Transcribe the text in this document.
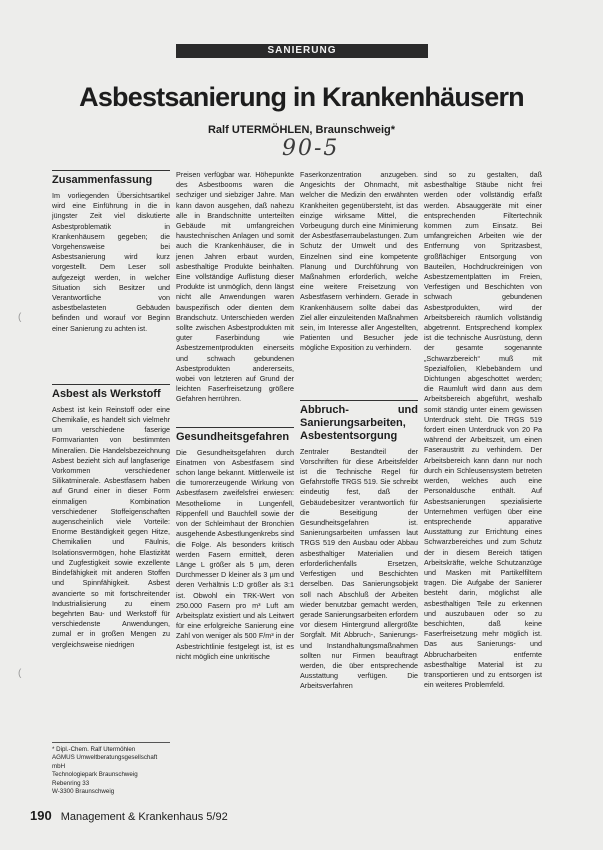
SANIERUNG
Asbestsanierung in Krankenhäusern
Ralf UTERMÖHLEN, Braunschweig*
90-5
Zusammenfassung

Im vorliegenden Übersichtsartikel wird eine Einführung in die in jüngster Zeit viel diskutierte Asbestproblematik in Krankenhäusern gegeben; die Vorgehensweise bei Asbestsanierung wird kurz vorgestellt. Dem Leser soll aufgezeigt werden, in welcher Situation sich Besitzer und Verantwortliche von asbestbelasteten Gebäuden befinden und worauf vor Beginn einer Sanierung zu achten ist.

Asbest als Werkstoff

Asbest ist kein Reinstoff oder eine Chemikalie, es handelt sich vielmehr um verschiedene faserige Formvarianten von bestimmten Mineralien. Die Handelsbezeichnung Asbest bezieht sich auf langfaserige Vorkommen verschiedener Silikatminerale. Asbestfasern haben auf Grund einer in dieser Form einmaligen Kombination verschiedener Stoffeigenschaften augenscheinlich viele Vorteile: Enorme Beständigkeit gegen Hitze, Chemikalien und Fäulnis, Isolationsvermögen, hohe Elastizität und Zugfestigkeit sowie exzellente Bindefähigkeit mit anderen Stoffen und Spinnfähigkeit. Asbest avancierte so mit fortschreitender Industrialisierung zu einem begehrten Bau- und Werkstoff für verschiedenste Anwendungen, zumal er in großen Mengen zu vergleichsweise niedrigen

Preisen verfügbar war. Höhepunkte des Asbestbooms waren die sechziger und siebziger Jahre. Man kann davon ausgehen, daß nahezu alle in Brandschnitte unterteilten Gebäude mit umfangreichen haustechnischen Anlagen und somit auch die Krankenhäuser, die in jenen Jahren erbaut wurden, asbesthaltige Produkte beinhalten. Eine vollständige Auflistung dieser Produkte ist unmöglich, denn längst nicht alle Anwendungen waren bauspezifisch oder dienten dem Brandschutz. Unterschieden werden sollte zwischen Asbestprodukten mit guter Faserbindung wie Asbestzementprodukten einerseits und schwach gebundenen Asbestprodukten andererseits, wobei von letzteren auf Grund der leichten Faserfreisetzung größere Gefahren herrühren.

Gesundheitsgefahren

Die Gesundheitsgefahren durch Einatmen von Asbestfasern sind schon lange bekannt. Mittlerweile ist die tumorerzeugende Wirkung von Asbestfasern zweifelsfrei erwiesen: Mesotheliome in Lungenfell, Rippenfell und Bauchfell sowie der von der Schleimhaut der Bronchien ausgehende Asbestlungenkrebs sind die Folge. Als besonders kritisch werden Fasern ermittelt, deren Länge L größer als 5 µm, deren Durchmesser D kleiner als 3 µm und deren Verhältnis L:D größer als 3:1 ist. Obwohl ein TRK-Wert von 250.000 Fasern pro m³ Luft am Arbeitsplatz existiert und als Leitwert für eine erfolgreiche Sanierung eine Zahl von weniger als 500 F/m³ in der Asbestrichtlinie festgelegt ist, ist es nicht möglich eine unkritische

Faserkonzentration anzugeben. Angesichts der Ohnmacht, mit welcher die Medizin den erwähnten Krankheiten gegenübersteht, ist das einzige wirksame Mittel, die Vorbeugung durch eine Minimierung der Asbestfaserraubelastungen. Zum Schutz der Umwelt und des Einzelnen sind eine kompetente Planung und Durchführung von Maßnahmen erforderlich, welche eine weitere Freisetzung von Asbestfasern verhindern. Gerade in Krankenhäusern sollte dabei das Ziel aller einzuleitenden Maßnahmen sein, im Interesse aller Angestellten, Patienten und Besucher jede mögliche Exposition zu verhindern.

Abbruch- und Sanierungsarbeiten, Asbestentsorgung

Zentraler Bestandteil der Vorschriften für diese Arbeitsfelder ist die Technische Regel für Gefahrstoffe TRGS 519. Sie schreibt eindeutig fest, daß der Gebäudebesitzer verantwortlich für die Beseitigung der Gesundheitsgefahren ist. Sanierungsarbeiten umfassen laut TRGS 519 den Ausbau oder Abbau asbesthaltiger Materialien und erforderlichenfalls Ersetzen, Verfestigen und Beschichten derselben. Das Sanierungsobjekt soll nach Abschluß der Arbeiten wieder benutzbar gemacht werden, gerade Sanierungsarbeiten erfordern vor diesem Hintergrund allergrößte Sorgfalt. Mit Abbruch-, Sanierungs- und Instandhaltungsmaßnahmen sollten nur Firmen beauftragt werden, die über entsprechende Ausstattung verfügen. Die Arbeitsverfahren

sind so zu gestalten, daß asbesthaltige Stäube nicht frei werden oder vollständig erfaßt werden. Absauggeräte mit einer entsprechenden Filtertechnik kommen zum Einsatz. Bei umfangreichen Arbeiten wie der Entfernung von Spritzasbest, großflächiger Entsorgung von Bauteilen, Hochdruckreinigen von Asbestzementplatten im Freien, Verfestigen und Beschichten von schwach gebundenen Asbestprodukten, wird der Arbeitsbereich räumlich vollständig abgetrennt. Entsprechend komplex ist die technische Ausrüstung, denn der gesamte sogenannte „Schwarzbereich“ muß mit Spezialfolien, Klebebändern und Dichtungen abgeschottet werden; die Raumluft wird dann aus dem Arbeitsbereich abgeführt, weshalb somit ständig unter einem gewissen Unterdruck steht. Die TRGS 519 fordert einen Unterdruck von 20 Pa während der Arbeitszeit, um einen Faseraustritt zu verhindern. Der Arbeitsbereich kann dann nur noch durch ein Schleusensystem betreten werden, welches auch eine Personaldusche enthält. Auf Asbestsanierungen spezialisierte Unternehmen verfügen über eine entsprechende apparative Ausstattung zur Errichtung eines Schwarzbereiches und zum Schutz der in diesem Bereich tätigen Arbeitskräfte, welche Schutzanzüge und Masken mit Partikelfiltern tragen. Die Aufgabe der Sanierer besteht darin, möglichst alle asbesthaltigen Teile zu erkennen und auszubauen oder so zu beschichten, daß keine Faserfreisetzung mehr möglich ist. Das aus Sanierungs- und Abbrucharbeiten entfernte asbesthaltige Material ist zu transportieren und zu entsorgen ist ein weiteres Problemfeld.

* Dipl.-Chem. Ralf Utermöhlen
AGMUS Umweltberatungsgesellschaft mbH
Technologiepark Braunschweig
Rebenring 33
W-3300 Braunschweig
190 Management & Krankenhaus 5/92
(
(
